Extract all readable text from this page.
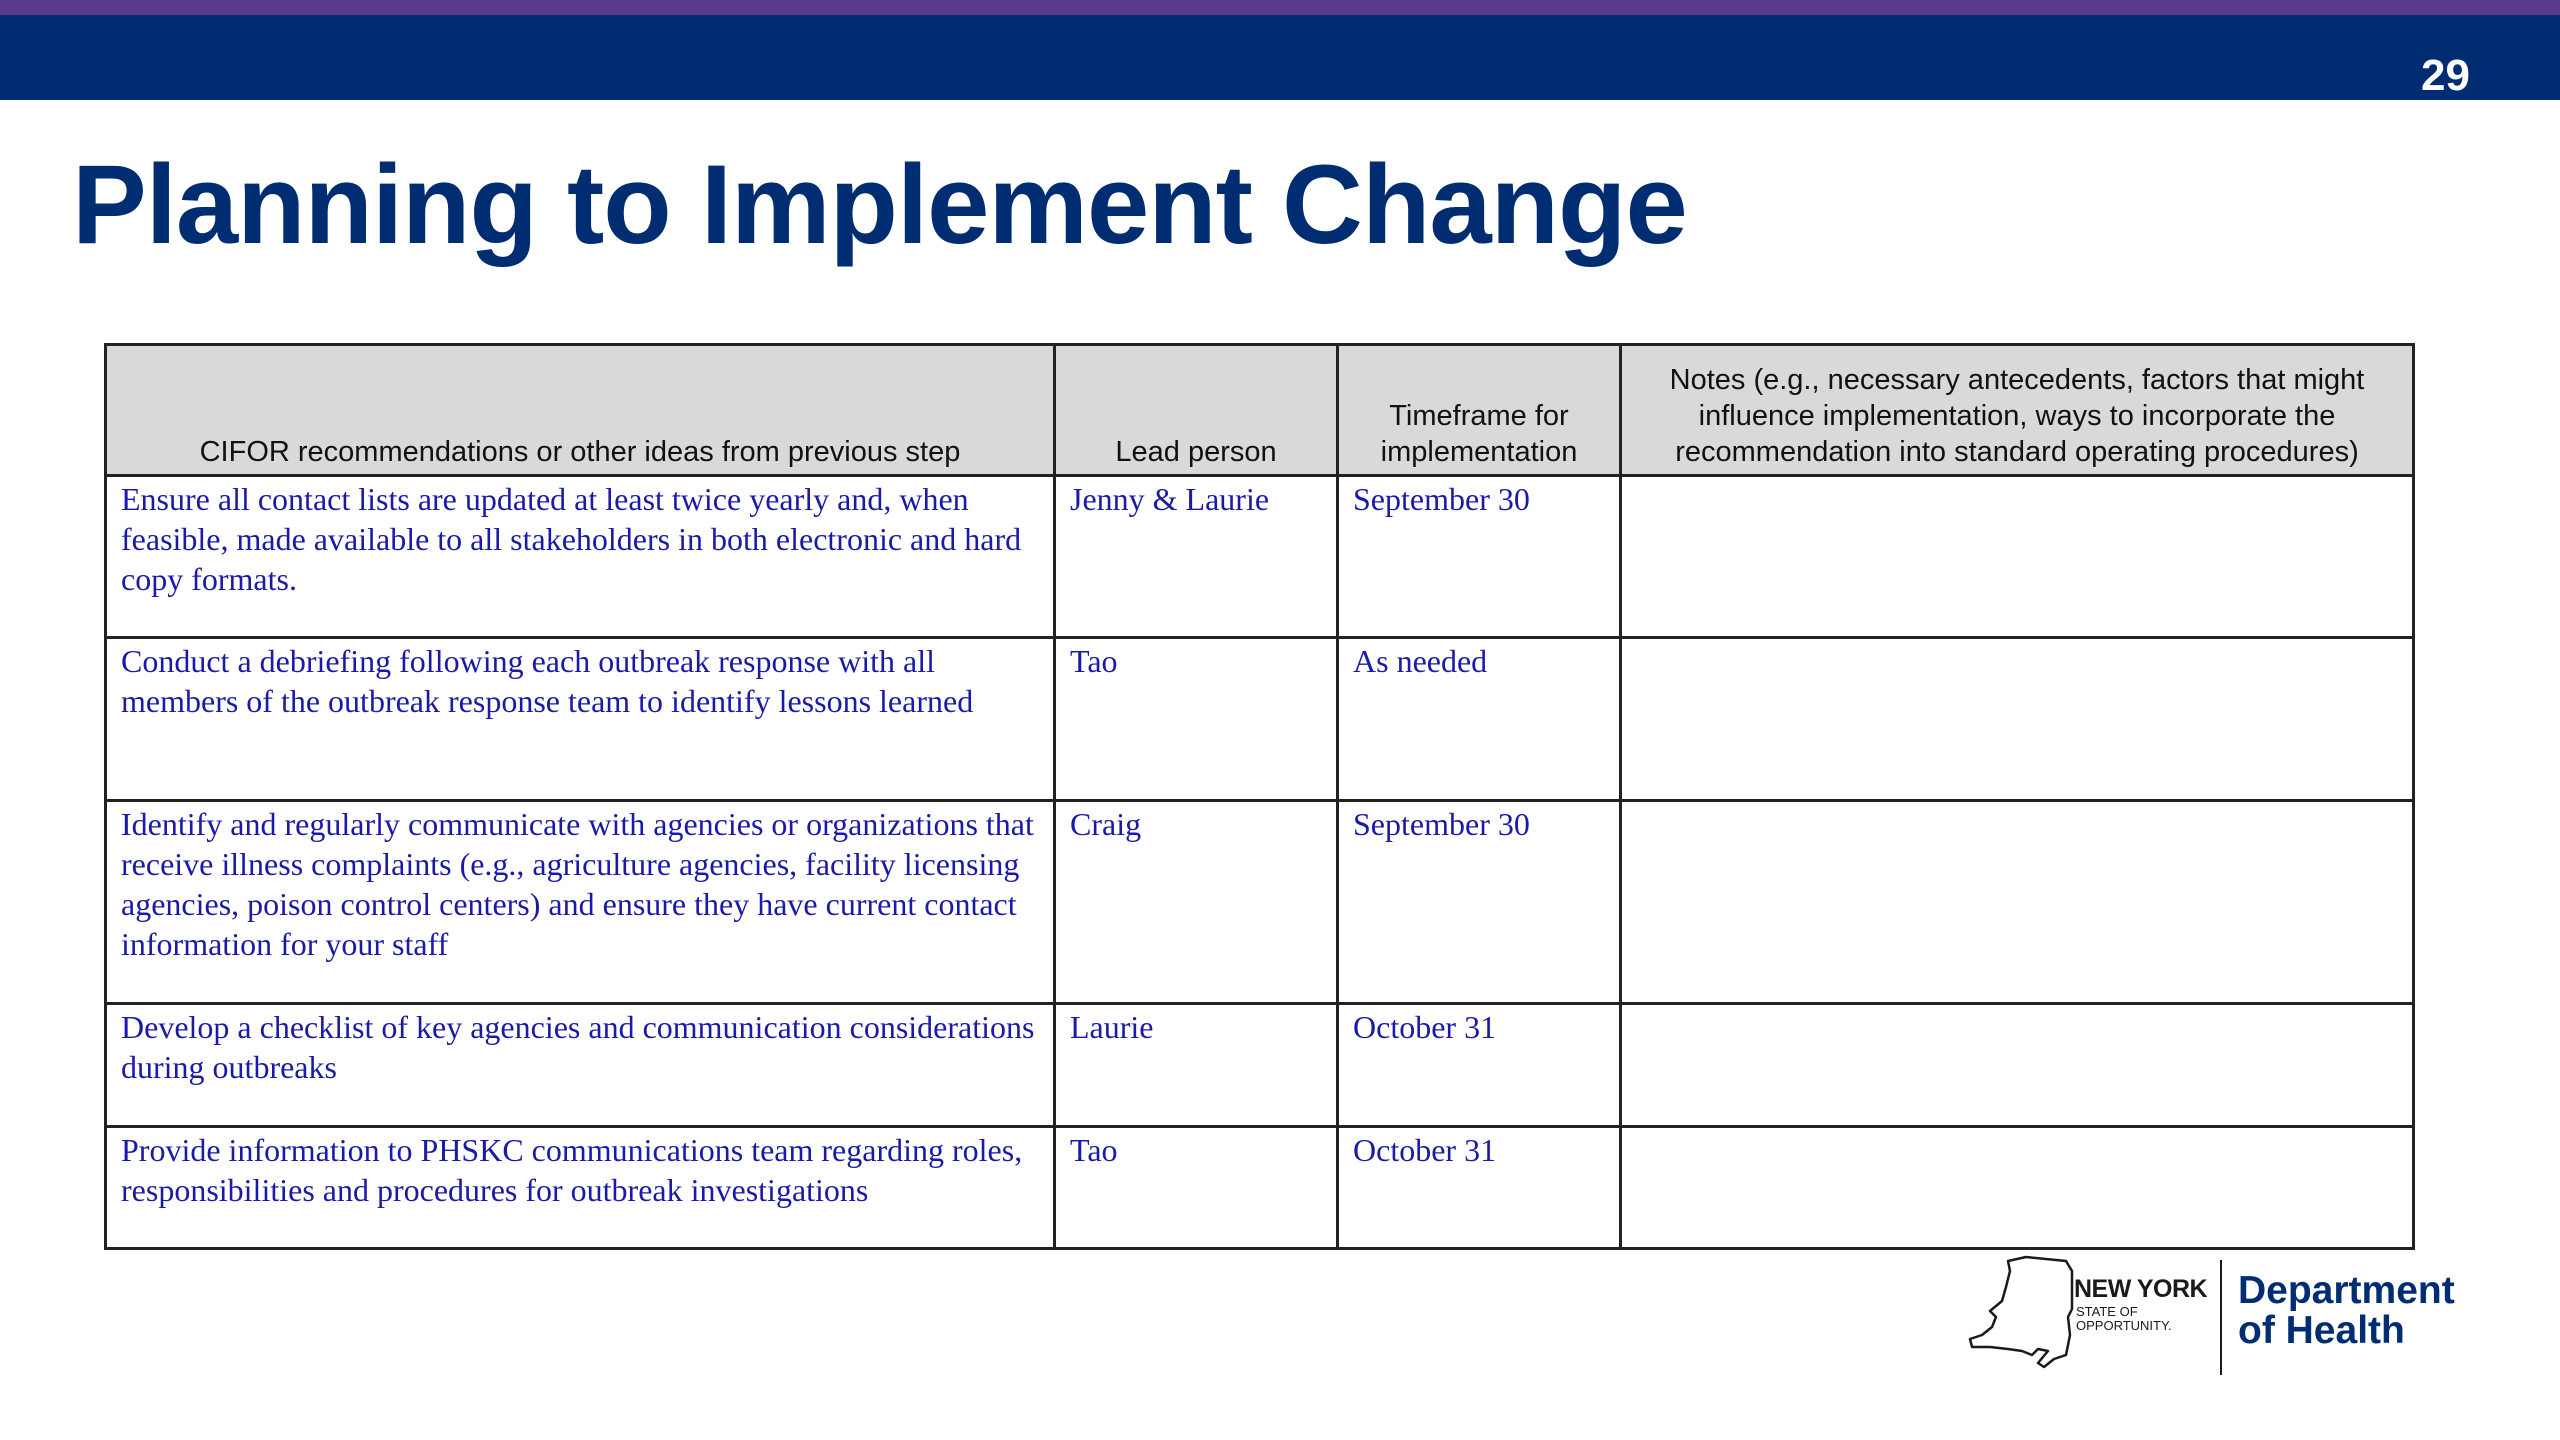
29
Planning to Implement Change
CIFOR recommendations or other ideas from previous step	Lead person	Timeframe for implementation	Notes (e.g., necessary antecedents, factors that might influence implementation, ways to incorporate the recommendation into standard operating procedures)
Ensure all contact lists are updated at least twice yearly and, when feasible, made available to all stakeholders in both electronic and hard copy formats.	Jenny & Laurie	September 30	
Conduct a debriefing following each outbreak response with all members of the outbreak response team to identify lessons learned	Tao	As needed	
Identify and regularly communicate with agencies or organizations that receive illness complaints (e.g., agriculture agencies, facility licensing agencies, poison control centers) and ensure they have current contact information for your staff	Craig	September 30	
Develop a checklist of key agencies and communication considerations during outbreaks	Laurie	October 31	
Provide information to PHSKC communications team regarding roles, responsibilities and procedures for outbreak investigations	Tao	October 31	
NEW YORK
STATE OF OPPORTUNITY.
Department
of Health
